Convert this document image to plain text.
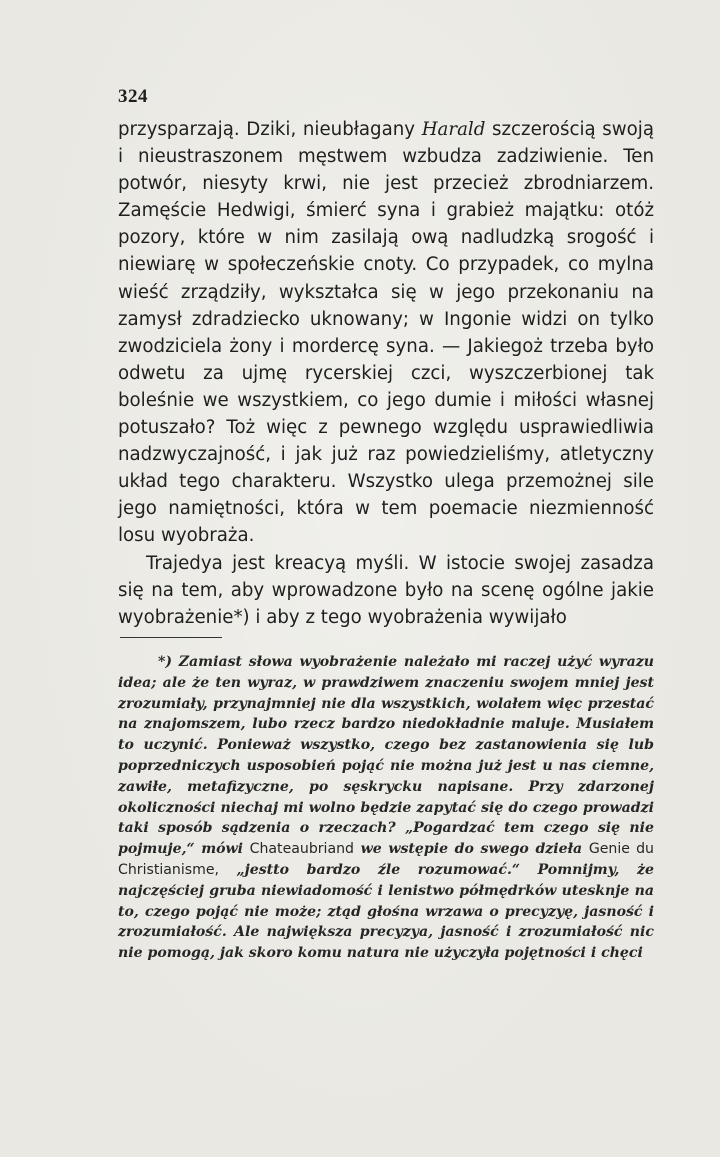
324

przysparzają. Dziki, nieubłagany Harald szczerością swoją i nieustraszonem męstwem wzbudza zadziwienie. Ten potwór, niesyty krwi, nie jest przecież zbrodniarzem. Zamęście Hedwigi, śmierć syna i grabież majątku: otóż pozory, które w nim zasilają ową nadludzką srogość i niewiarę w społeczeńskie cnoty. Co przypadek, co mylna wieść zrządziły, wykształca się w jego przekonaniu na zamysł zdradziecko uknowany; w Ingonie widzi on tylko zwodziciela żony i mordercę syna. — Jakiegoż trzeba było odwetu za ujmę rycerskiej czci, wyszczerbionej tak boleśnie we wszystkiem, co jego dumie i miłości własnej potuszało? Toż więc z pewnego względu usprawiedliwia nadzwyczajność, i jak już raz powiedzieliśmy, atletyczny układ tego charakteru. Wszystko ulega przemożnej sile jego namiętności, która w tem poemacie niezmienność losu wyobraża.

Trajedya jest kreacyą myśli. W istocie swojej zasadza się na tem, aby wprowadzone było na scenę ogólne jakie wyobrażenie*) i aby z tego wyobrażenia wywijało

*) Zamiast słowa wyobrażenie należało mi raczej użyć wyrazu idea; ale że ten wyraz, w prawdziwem znaczeniu swojem mniej jest zrozumiały, przynajmniej nie dla wszystkich, wolałem więc przestać na znajomszem, lubo rzecz bardzo niedokładnie maluje. Musiałem to uczynić. Ponieważ wszystko, czego bez zastanowienia się lub poprzedniczych usposobień pojąć nie można już jest u nas ciemne, zawiłe, metafizyczne, po sęskrycku napisane. Przy zdarzonej okoliczności niechaj mi wolno będzie zapytać się do czego prowadzi taki sposób sądzenia o rzeczach? „Pogardzać tem czego się nie pojmuje,“ mówi Chateaubriand we wstępie do swego dzieła Genie du Christianisme, „jestto bardzo źle rozumować.“ Pomnijmy, że najczęściej gruba niewiadomość i lenistwo półmędrków utesknje na to, czego pojąć nie może; ztąd głośna wrzawa o precyzyę, jasność i zrozumiałość. Ale największa precyzya, jasność i zrozumiałość nic nie pomogą, jak skoro komu natura nie użyczyła pojętności i chęci
